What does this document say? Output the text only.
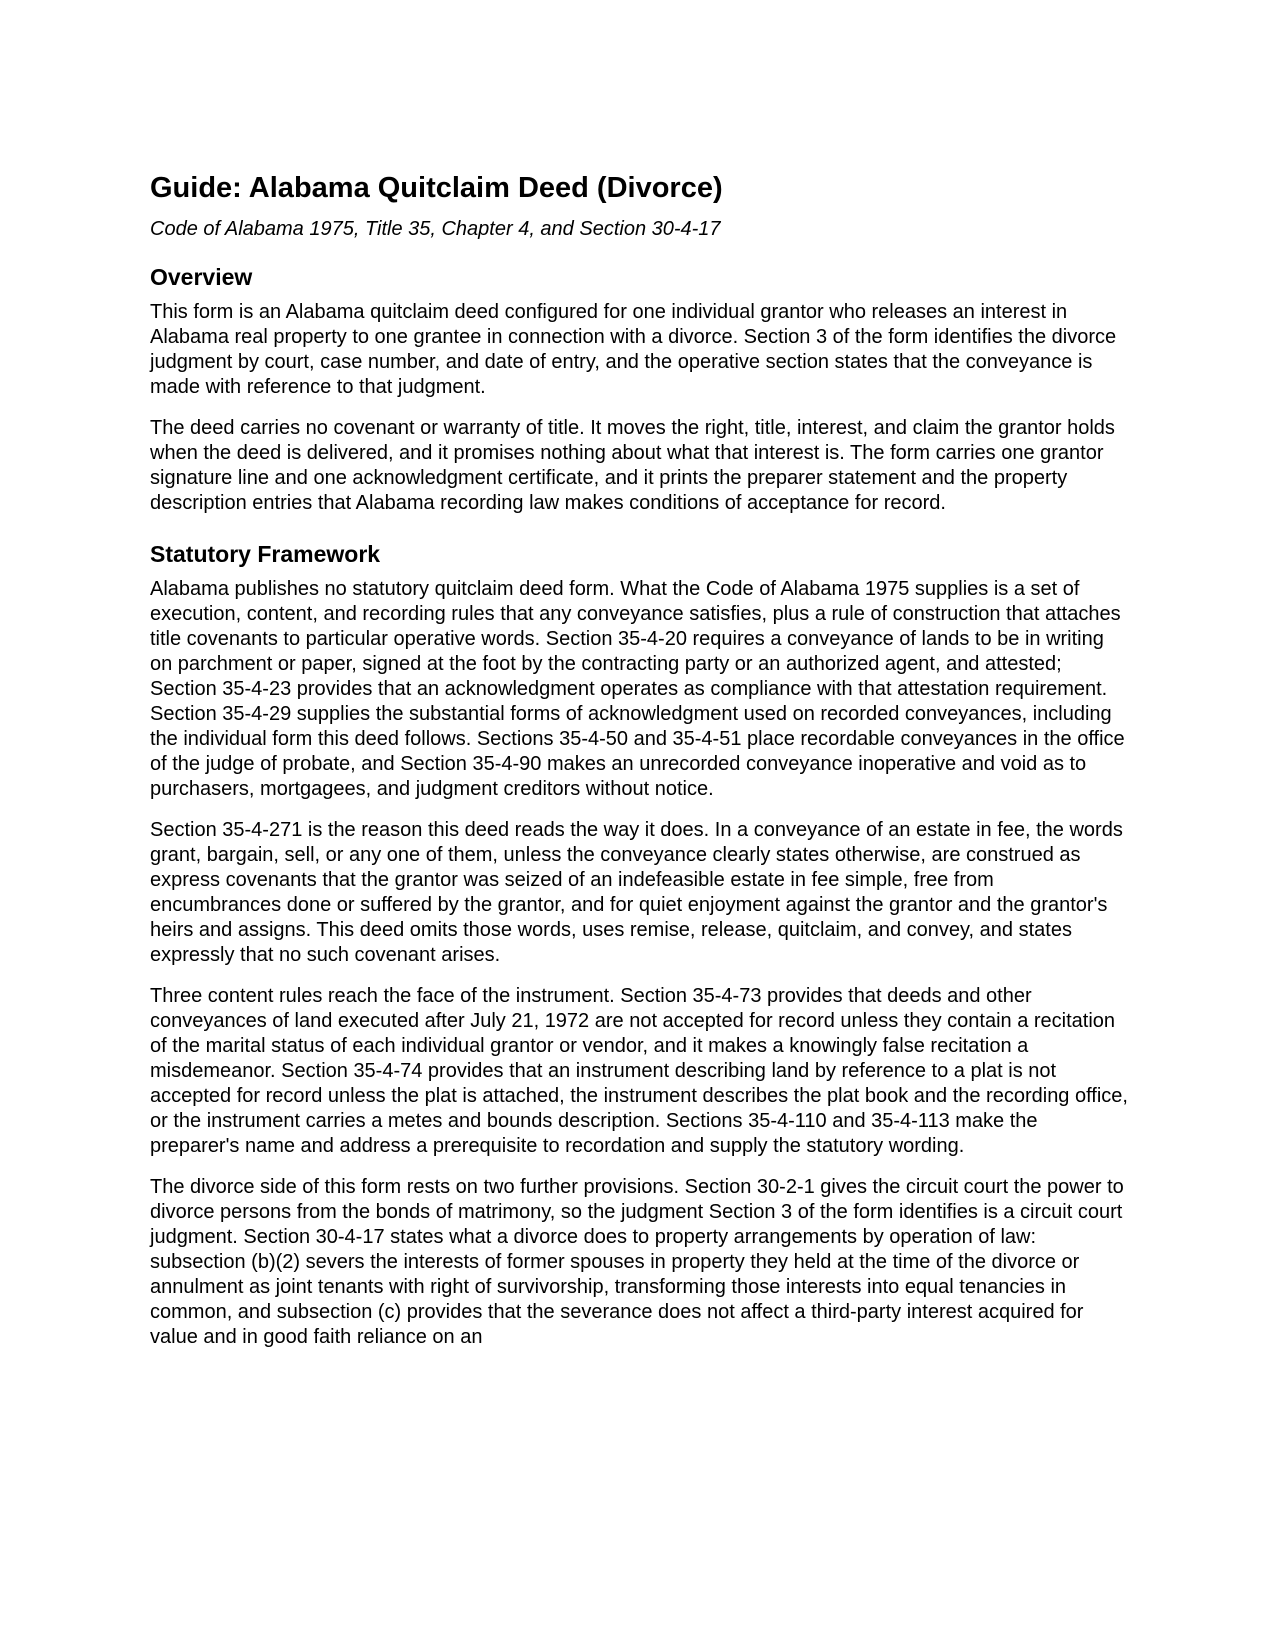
Guide: Alabama Quitclaim Deed (Divorce)

Code of Alabama 1975, Title 35, Chapter 4, and Section 30-4-17

Overview

This form is an Alabama quitclaim deed configured for one individual grantor who releases an interest in Alabama real property to one grantee in connection with a divorce. Section 3 of the form identifies the divorce judgment by court, case number, and date of entry, and the operative section states that the conveyance is made with reference to that judgment.

The deed carries no covenant or warranty of title. It moves the right, title, interest, and claim the grantor holds when the deed is delivered, and it promises nothing about what that interest is. The form carries one grantor signature line and one acknowledgment certificate, and it prints the preparer statement and the property description entries that Alabama recording law makes conditions of acceptance for record.

Statutory Framework

Alabama publishes no statutory quitclaim deed form. What the Code of Alabama 1975 supplies is a set of execution, content, and recording rules that any conveyance satisfies, plus a rule of construction that attaches title covenants to particular operative words. Section 35-4-20 requires a conveyance of lands to be in writing on parchment or paper, signed at the foot by the contracting party or an authorized agent, and attested; Section 35-4-23 provides that an acknowledgment operates as compliance with that attestation requirement. Section 35-4-29 supplies the substantial forms of acknowledgment used on recorded conveyances, including the individual form this deed follows. Sections 35-4-50 and 35-4-51 place recordable conveyances in the office of the judge of probate, and Section 35-4-90 makes an unrecorded conveyance inoperative and void as to purchasers, mortgagees, and judgment creditors without notice.

Section 35-4-271 is the reason this deed reads the way it does. In a conveyance of an estate in fee, the words grant, bargain, sell, or any one of them, unless the conveyance clearly states otherwise, are construed as express covenants that the grantor was seized of an indefeasible estate in fee simple, free from encumbrances done or suffered by the grantor, and for quiet enjoyment against the grantor and the grantor's heirs and assigns. This deed omits those words, uses remise, release, quitclaim, and convey, and states expressly that no such covenant arises.

Three content rules reach the face of the instrument. Section 35-4-73 provides that deeds and other conveyances of land executed after July 21, 1972 are not accepted for record unless they contain a recitation of the marital status of each individual grantor or vendor, and it makes a knowingly false recitation a misdemeanor. Section 35-4-74 provides that an instrument describing land by reference to a plat is not accepted for record unless the plat is attached, the instrument describes the plat book and the recording office, or the instrument carries a metes and bounds description. Sections 35-4-110 and 35-4-113 make the preparer's name and address a prerequisite to recordation and supply the statutory wording.

The divorce side of this form rests on two further provisions. Section 30-2-1 gives the circuit court the power to divorce persons from the bonds of matrimony, so the judgment Section 3 of the form identifies is a circuit court judgment. Section 30-4-17 states what a divorce does to property arrangements by operation of law: subsection (b)(2) severs the interests of former spouses in property they held at the time of the divorce or annulment as joint tenants with right of survivorship, transforming those interests into equal tenancies in common, and subsection (c) provides that the severance does not affect a third-party interest acquired for value and in good faith reliance on an
